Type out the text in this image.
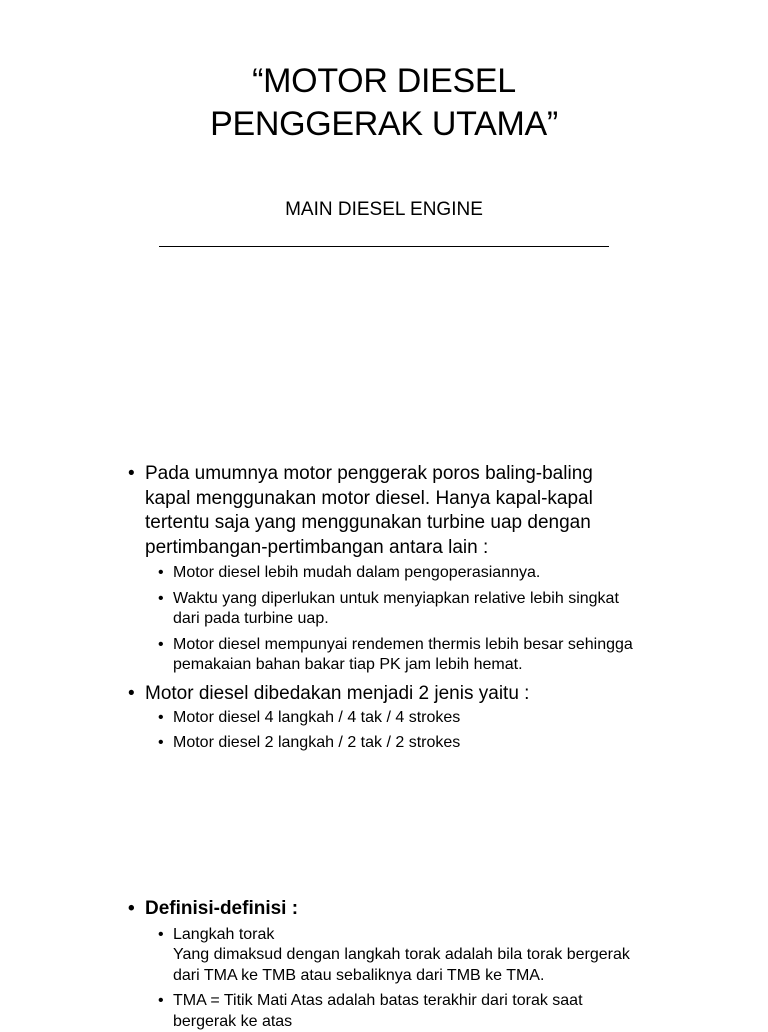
“MOTOR DIESEL
PENGGERAK UTAMA”
MAIN DIESEL ENGINE
• Pada umumnya motor penggerak poros baling-baling kapal menggunakan motor diesel. Hanya kapal-kapal tertentu saja yang menggunakan turbine uap dengan pertimbangan-pertimbangan antara lain :
• Motor diesel lebih mudah dalam pengoperasiannya.
• Waktu yang diperlukan untuk menyiapkan relative lebih singkat dari pada turbine uap.
• Motor diesel mempunyai rendemen thermis lebih besar sehingga pemakaian bahan bakar tiap PK jam lebih hemat.
• Motor diesel dibedakan menjadi 2 jenis yaitu :
• Motor diesel 4 langkah / 4 tak / 4 strokes
• Motor diesel 2 langkah / 2 tak / 2 strokes
• Definisi-definisi :
• Langkah torak
Yang dimaksud dengan langkah torak adalah bila torak bergerak dari TMA ke TMB atau sebaliknya dari TMB ke TMA.
• TMA = Titik Mati Atas adalah batas terakhir dari torak saat bergerak ke atas
